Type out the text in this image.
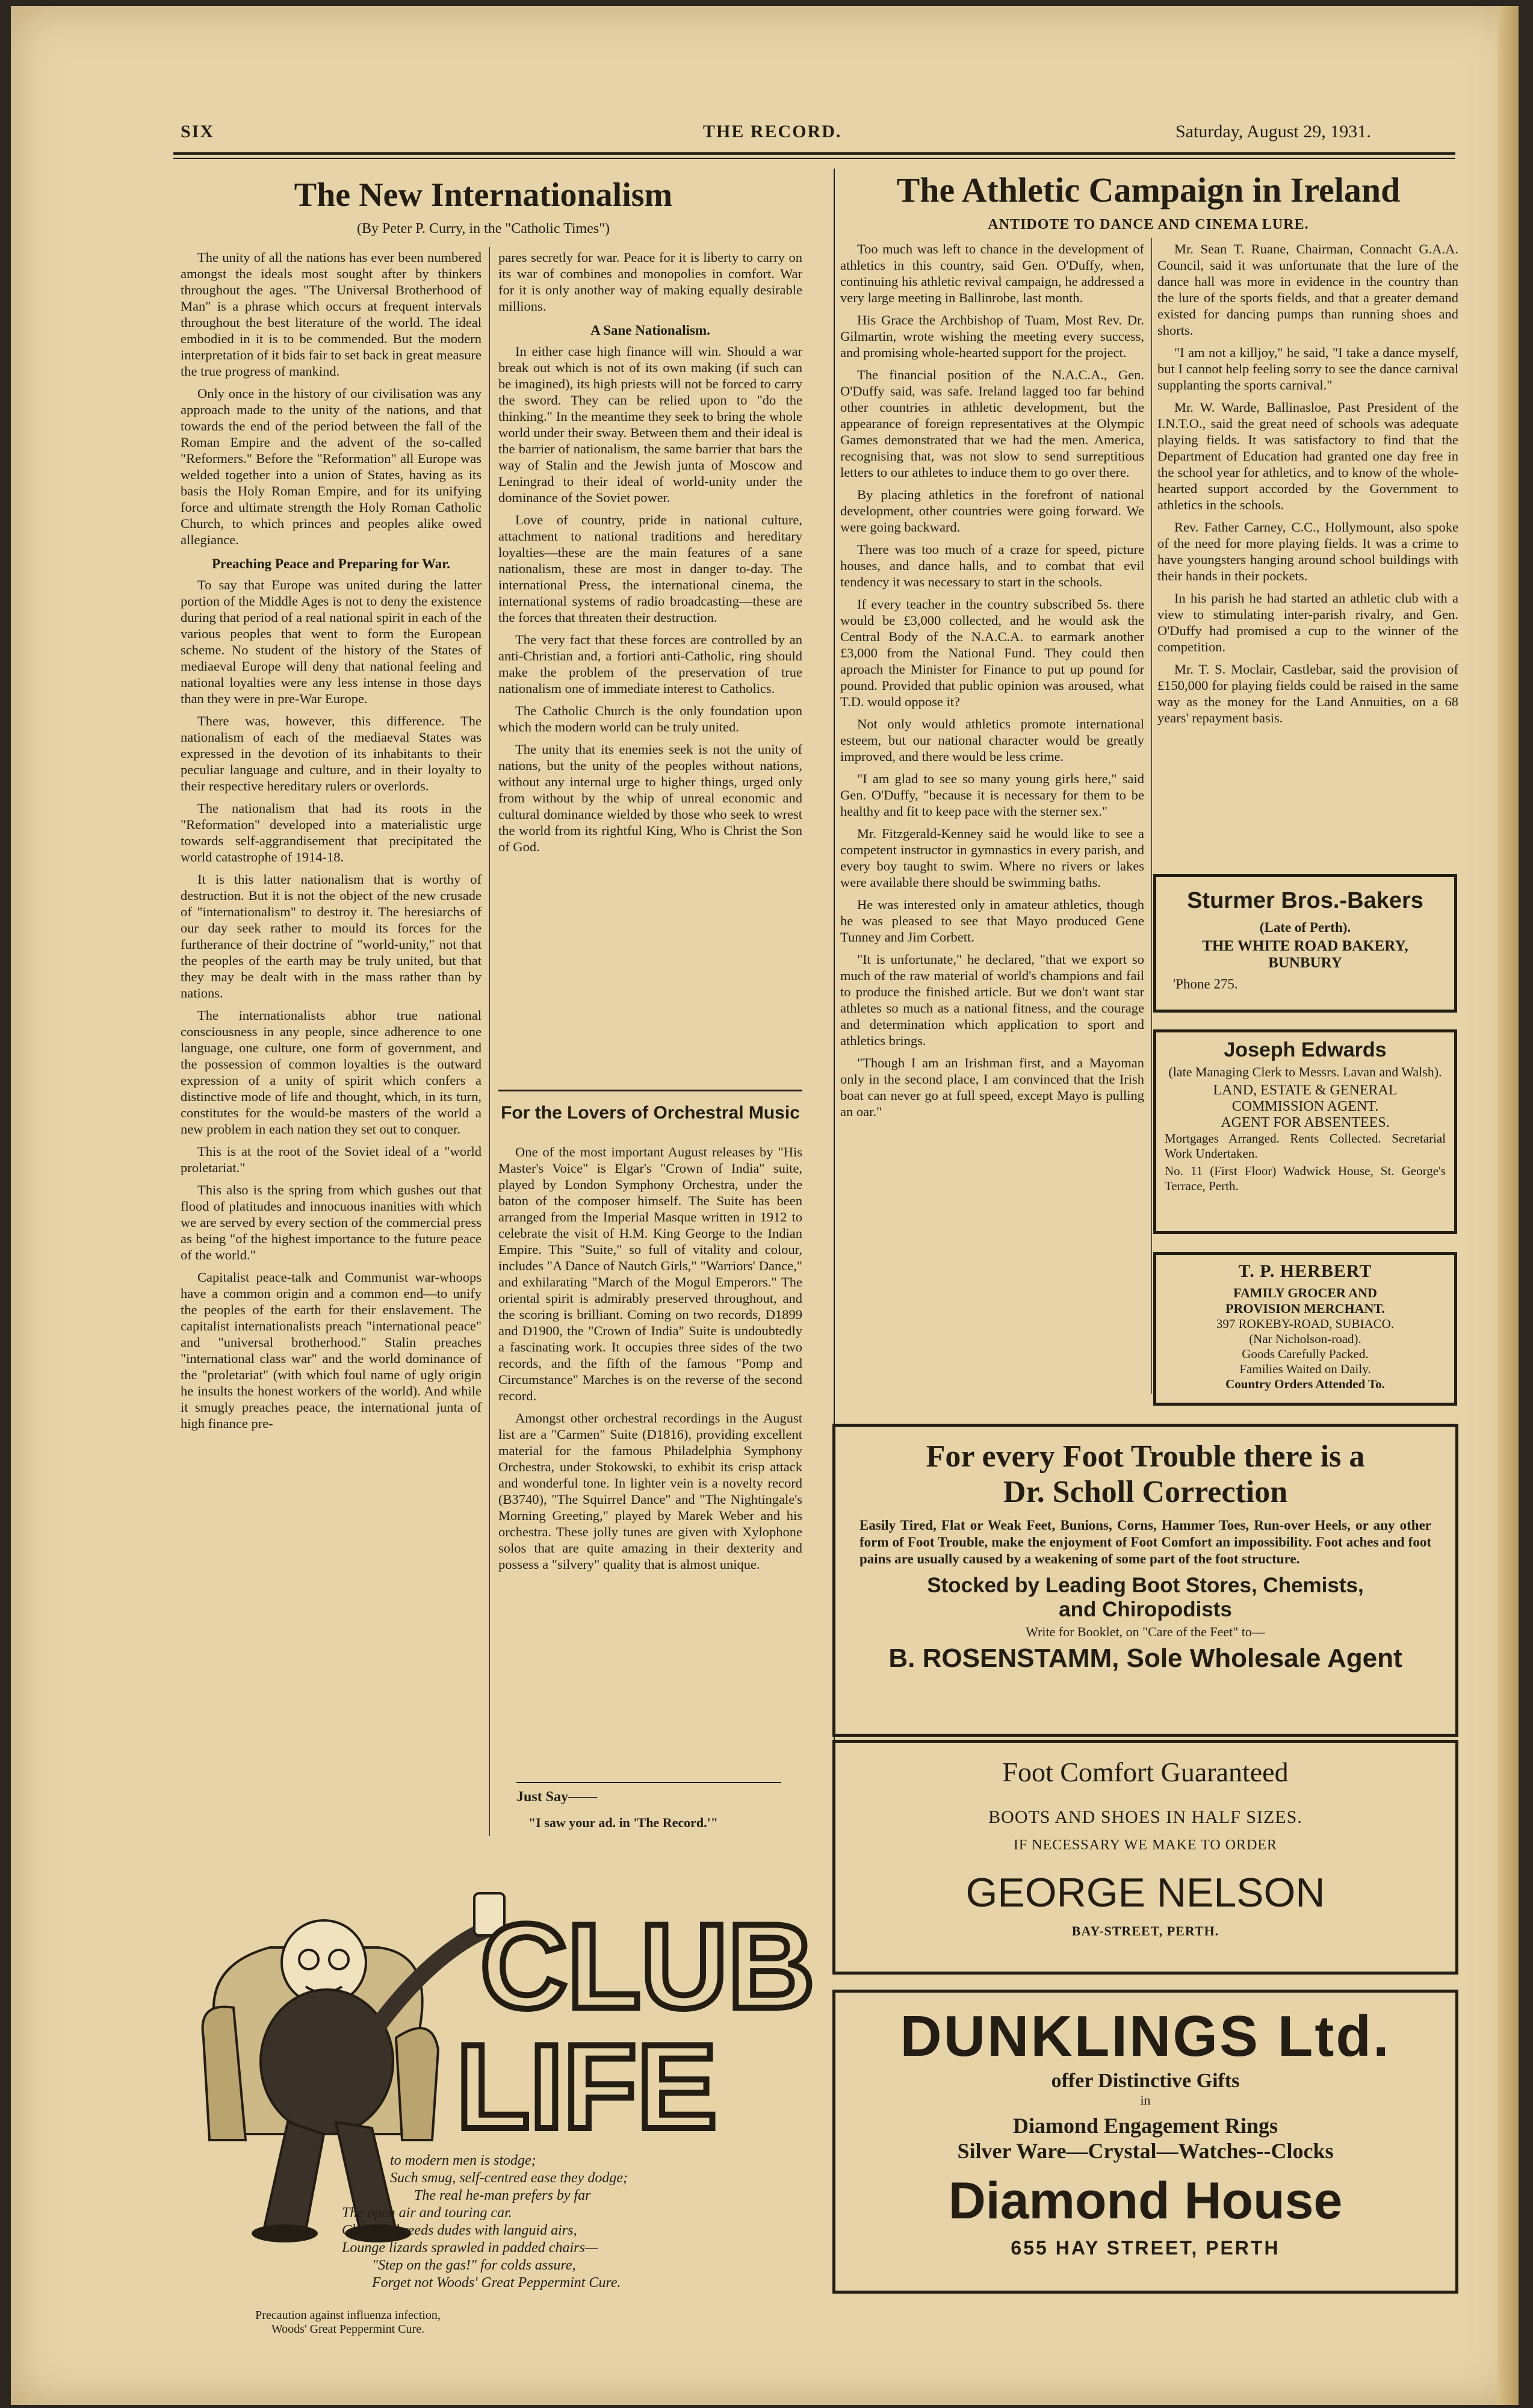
SIX	THE RECORD.	Saturday, August 29, 1931.
The New Internationalism
(By Peter P. Curry, in the "Catholic Times")

The unity of all the nations has ever been numbered amongst the ideals most sought after by thinkers throughout the ages. "The Universal Brotherhood of Man" is a phrase which occurs at frequent intervals throughout the best literature of the world. The ideal embodied in it is to be commended. But the modern interpretation of it bids fair to set back in great measure the true progress of mankind.

Only once in the history of our civilisation was any approach made to the unity of the nations, and that towards the end of the period between the fall of the Roman Empire and the advent of the so-called "Reformers." Before the "Reformation" all Europe was welded together into a union of States, having as its basis the Holy Roman Empire, and for its unifying force and ultimate strength the Holy Roman Catholic Church, to which princes and peoples alike owed allegiance.

Preaching Peace and Preparing for War.

To say that Europe was united during the latter portion of the Middle Ages is not to deny the existence during that period of a real national spirit in each of the various peoples that went to form the European scheme. No student of the history of the States of mediaeval Europe will deny that national feeling and national loyalties were any less intense in those days than they were in pre-War Europe.

There was, however, this difference. The nationalism of each of the mediaeval States was expressed in the devotion of its inhabitants to their peculiar language and culture, and in their loyalty to their respective hereditary rulers or overlords.

The nationalism that had its roots in the "Reformation" developed into a materialistic urge towards self-aggrandisement that precipitated the world catastrophe of 1914-18.

It is this latter nationalism that is worthy of destruction. But it is not the object of the new crusade of "internationalism" to destroy it. The heresiarchs of our day seek rather to mould its forces for the furtherance of their doctrine of "world-unity," not that the peoples of the earth may be truly united, but that they may be dealt with in the mass rather than by nations.

The internationalists abhor true national consciousness in any people, since adherence to one language, one culture, one form of government, and the possession of common loyalties is the outward expression of a unity of spirit which confers a distinctive mode of life and thought, which, in its turn, constitutes for the would-be masters of the world a new problem in each nation they set out to conquer.

This is at the root of the Soviet ideal of a "world proletariat."

This also is the spring from which gushes out that flood of platitudes and innocuous inanities with which we are served by every section of the commercial press as being "of the highest importance to the future peace of the world."

Capitalist peace-talk and Communist war-whoops have a common origin and a common end—to unify the peoples of the earth for their enslavement. The capitalist internationalists preach "international peace" and "universal brotherhood." Stalin preaches "international class war" and the world dominance of the "proletariat" (with which foul name of ugly origin he insults the honest workers of the world). And while it smugly preaches peace, the international junta of high finance pre-

pares secretly for war. Peace for it is liberty to carry on its war of combines and monopolies in comfort. War for it is only another way of making equally desirable millions.

A Sane Nationalism.

In either case high finance will win. Should a war break out which is not of its own making (if such can be imagined), its high priests will not be forced to carry the sword. They can be relied upon to "do the thinking." In the meantime they seek to bring the whole world under their sway. Between them and their ideal is the barrier of nationalism, the same barrier that bars the way of Stalin and the Jewish junta of Moscow and Leningrad to their ideal of world-unity under the dominance of the Soviet power.

Love of country, pride in national culture, attachment to national traditions and hereditary loyalties—these are the main features of a sane nationalism, these are most in danger to-day. The international Press, the international cinema, the international systems of radio broadcasting—these are the forces that threaten their destruction.

The very fact that these forces are controlled by an anti-Christian and, a fortiori anti-Catholic, ring should make the problem of the preservation of true nationalism one of immediate interest to Catholics.

The Catholic Church is the only foundation upon which the modern world can be truly united.

The unity that its enemies seek is not the unity of nations, but the unity of the peoples without nations, without any internal urge to higher things, urged only from without by the whip of unreal economic and cultural dominance wielded by those who seek to wrest the world from its rightful King, Who is Christ the Son of God.

For the Lovers of Orchestral Music

One of the most important August releases by "His Master's Voice" is Elgar's "Crown of India" suite, played by London Symphony Orchestra, under the baton of the composer himself. The Suite has been arranged from the Imperial Masque written in 1912 to celebrate the visit of H.M. King George to the Indian Empire. This "Suite," so full of vitality and colour, includes "A Dance of Nautch Girls," "Warriors' Dance," and exhilarating "March of the Mogul Emperors." The oriental spirit is admirably preserved throughout, and the scoring is brilliant. Coming on two records, D1899 and D1900, the "Crown of India" Suite is undoubtedly a fascinating work. It occupies three sides of the two records, and the fifth of the famous "Pomp and Circumstance" Marches is on the reverse of the second record.

Amongst other orchestral recordings in the August list are a "Carmen" Suite (D1816), providing excellent material for the famous Philadelphia Symphony Orchestra, under Stokowski, to exhibit its crisp attack and wonderful tone. In lighter vein is a novelty record (B3740), "The Squirrel Dance" and "The Nightingale's Morning Greeting," played by Marek Weber and his orchestra. These jolly tunes are given with Xylophone solos that are quite amazing in their dexterity and possess a "silvery" quality that is almost unique.

Just Say——
"I saw your ad. in 'The Record.'"
The Athletic Campaign in Ireland
ANTIDOTE TO DANCE AND CINEMA LURE.

Too much was left to chance in the development of athletics in this country, said Gen. O'Duffy, when, continuing his athletic revival campaign, he addressed a very large meeting in Ballinrobe, last month.

His Grace the Archbishop of Tuam, Most Rev. Dr. Gilmartin, wrote wishing the meeting every success, and promising whole-hearted support for the project.

The financial position of the N.A.C.A., Gen. O'Duffy said, was safe. Ireland lagged too far behind other countries in athletic development, but the appearance of foreign representatives at the Olympic Games demonstrated that we had the men. America, recognising that, was not slow to send surreptitious letters to our athletes to induce them to go over there.

By placing athletics in the forefront of national development, other countries were going forward. We were going backward.

There was too much of a craze for speed, picture houses, and dance halls, and to combat that evil tendency it was necessary to start in the schools.

If every teacher in the country subscribed 5s. there would be £3,000 collected, and he would ask the Central Body of the N.A.C.A. to earmark another £3,000 from the National Fund. They could then aproach the Minister for Finance to put up pound for pound. Provided that public opinion was aroused, what T.D. would oppose it?

Not only would athletics promote international esteem, but our national character would be greatly improved, and there would be less crime.

"I am glad to see so many young girls here," said Gen. O'Duffy, "because it is necessary for them to be healthy and fit to keep pace with the sterner sex."

Mr. Fitzgerald-Kenney said he would like to see a competent instructor in gymnastics in every parish, and every boy taught to swim. Where no rivers or lakes were available there should be swimming baths.

He was interested only in amateur athletics, though he was pleased to see that Mayo produced Gene Tunney and Jim Corbett.

"It is unfortunate," he declared, "that we export so much of the raw material of world's champions and fail to produce the finished article. But we don't want star athletes so much as a national fitness, and the courage and determination which application to sport and athletics brings.

"Though I am an Irishman first, and a Mayoman only in the second place, I am convinced that the Irish boat can never go at full speed, except Mayo is pulling an oar."

Mr. Sean T. Ruane, Chairman, Connacht G.A.A. Council, said it was unfortunate that the lure of the dance hall was more in evidence in the country than the lure of the sports fields, and that a greater demand existed for dancing pumps than running shoes and shorts.

"I am not a killjoy," he said, "I take a dance myself, but I cannot help feeling sorry to see the dance carnival supplanting the sports carnival."

Mr. W. Warde, Ballinasloe, Past President of the I.N.T.O., said the great need of schools was adequate playing fields. It was satisfactory to find that the Department of Education had granted one day free in the school year for athletics, and to know of the whole-hearted support accorded by the Government to athletics in the schools.

Rev. Father Carney, C.C., Hollymount, also spoke of the need for more playing fields. It was a crime to have youngsters hanging around school buildings with their hands in their pockets.

In his parish he had started an athletic club with a view to stimulating inter-parish rivalry, and Gen. O'Duffy had promised a cup to the winner of the competition.

Mr. T. S. Moclair, Castlebar, said the provision of £150,000 for playing fields could be raised in the same way as the money for the Land Annuities, on a 68 years' repayment basis.

Sturmer Bros.-Bakers
(Late of Perth).
THE WHITE ROAD BAKERY,
BUNBURY
'Phone 275.
Joseph Edwards
(late Managing Clerk to Messrs. Lavan and Walsh).
LAND, ESTATE & GENERAL
COMMISSION AGENT.
AGENT FOR ABSENTEES.
Mortgages Arranged. Rents Collected. Secretarial Work Undertaken.
No. 11 (First Floor) Wadwick House, St. George's Terrace, Perth.
T. P. HERBERT
FAMILY GROCER AND
PROVISION MERCHANT.
397 ROKEBY-ROAD, SUBIACO.
(Nar Nicholson-road).
Goods Carefully Packed.
Families Waited on Daily.
Country Orders Attended To.
For every Foot Trouble there is a
Dr. Scholl Correction
Easily Tired, Flat or Weak Feet, Bunions, Corns, Hammer Toes, Run-over Heels, or any other form of Foot Trouble, make the enjoyment of Foot Comfort an impossibility. Foot aches and foot pains are usually caused by a weakening of some part of the foot structure.
Stocked by Leading Boot Stores, Chemists,
and Chiropodists
Write for Booklet, on "Care of the Feet" to—
B. ROSENSTAMM, Sole Wholesale Agent
Foot Comfort Guaranteed
BOOTS AND SHOES IN HALF SIZES.
IF NECESSARY WE MAKE TO ORDER
GEORGE NELSON
BAY-STREET, PERTH.
DUNKLINGS Ltd.
offer Distinctive Gifts
in
Diamond Engagement Rings
Silver Ware—Crystal—Watches--Clocks
Diamond House
655 HAY STREET, PERTH
CLUB
LIFE
to modern men is stodge;
Such smug, self-centred ease they dodge;
The real he-man prefers by far
The open air and touring car.
Club life breeds dudes with languid airs,
Lounge lizards sprawled in padded chairs—
"Step on the gas!" for colds assure,
Forget not Woods' Great Peppermint Cure.
Precaution against influenza infection,
Woods' Great Peppermint Cure.
